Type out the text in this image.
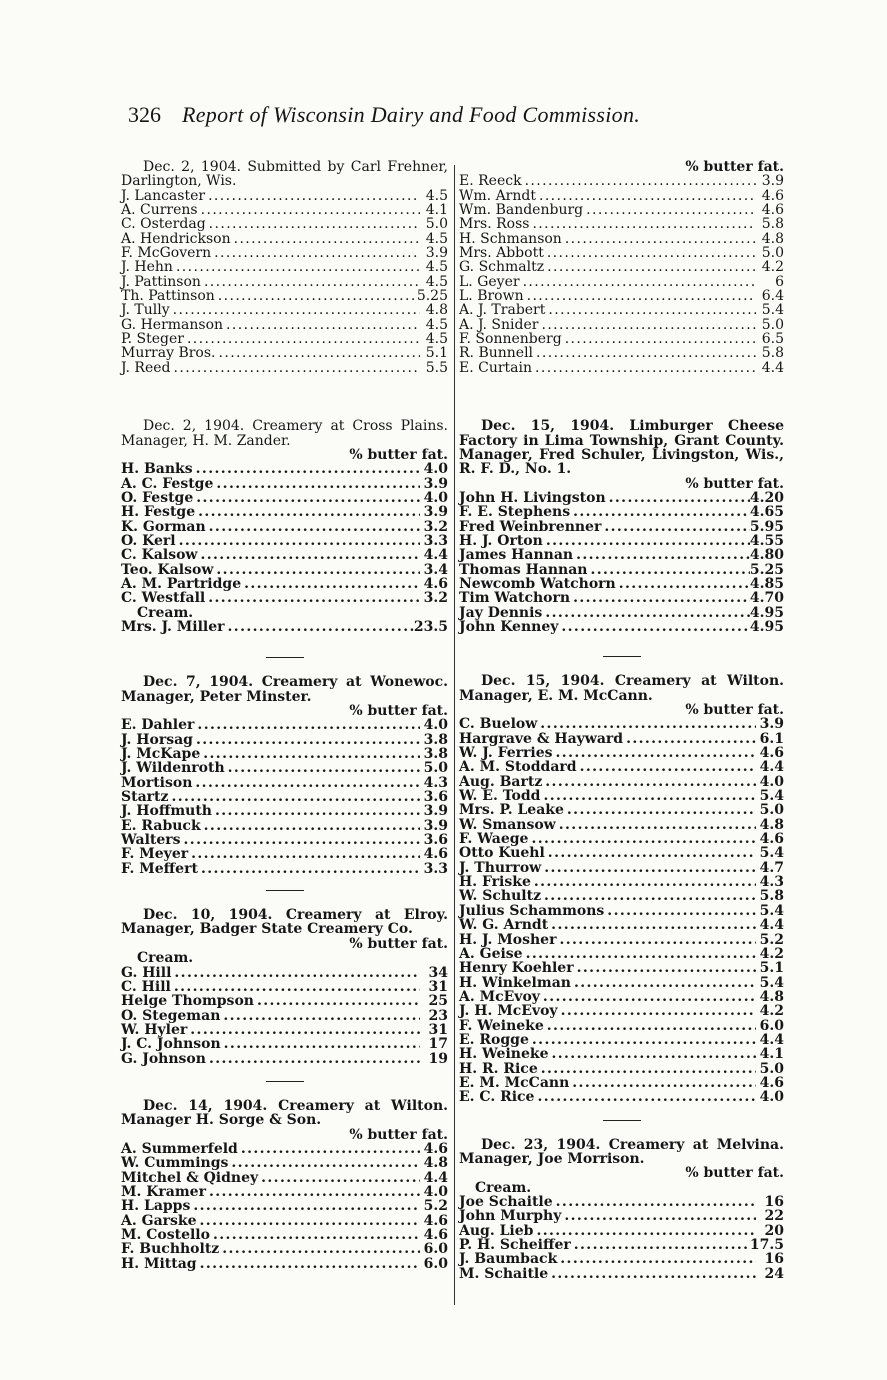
326 Report of Wisconsin Dairy and Food Commission.
Dec. 2, 1904. Submitted by Carl Frehner, Darlington, Wis.
J. Lancaster .....	4.5
A. Currens .....	4.1
C. Osterdag .....	5.0
A. Hendrickson .....	4.5
F. McGovern .....	3.9
J. Hehn .....	4.5
J. Pattinson .....	4.5
Th. Pattinson .....	5.25
J. Tully .....	4.8
G. Hermanson .....	4.5
P. Steger .....	4.5
Murray Bros. .....	5.1
J. Reed .....	5.5
Dec. 2, 1904. Creamery at Cross Plains. Manager, H. M. Zander.
% butter fat.
H. Banks .....	4.0
A. C. Festge .....	3.9
O. Festge .....	4.0
H. Festge .....	3.9
K. Gorman .....	3.2
O. Kerl .....	3.3
C. Kalsow .....	4.4
Teo. Kalsow .....	3.4
A. M. Partridge .....	4.6
C. Westfall .....	3.2
Cream.
Mrs. J. Miller .....	23.5
Dec. 7, 1904. Creamery at Wonewoc. Manager, Peter Minster.
% butter fat.
E. Dahler .....	4.0
J. Horsag .....	3.8
J. McKape .....	3.8
J. Wildenroth .....	5.0
Mortison .....	4.3
Startz .....	3.6
J. Hoffmuth .....	3.9
E. Rabuck .....	3.9
Walters .....	3.6
F. Meyer .....	4.6
F. Meffert .....	3.3
Dec. 10, 1904. Creamery at Elroy. Manager, Badger State Creamery Co.
% butter fat.
Cream.
G. Hill .....	34
C. Hill .....	31
Helge Thompson .....	25
O. Stegeman .....	23
W. Hyler .....	31
J. C. Johnson .....	17
G. Johnson .....	19
Dec. 14, 1904. Creamery at Wilton. Manager H. Sorge & Son.
% butter fat.
A. Summerfeld .....	4.6
W. Cummings .....	4.8
Mitchel & Qidney .....	4.4
M. Kramer .....	4.0
H. Lapps .....	5.2
A. Garske .....	4.6
M. Costello .....	4.6
F. Buchholtz .....	6.0
H. Mittag .....	6.0
% butter fat.
E. Reeck .....	3.9
Wm. Arndt .....	4.6
Wm. Bandenburg .....	4.6
Mrs. Ross .....	5.8
H. Schmanson .....	4.8
Mrs. Abbott .....	5.0
G. Schmaltz .....	4.2
L. Geyer .....	6
L. Brown .....	6.4
A. J. Trabert .....	5.4
A. J. Snider .....	5.0
F. Sonnenberg .....	6.5
R. Bunnell .....	5.8
E. Curtain .....	4.4
Dec. 15, 1904. Limburger Cheese Factory in Lima Township, Grant County. Manager, Fred Schuler, Livingston, Wis., R. F. D., No. 1.
% butter fat.
John H. Livingston .....	4.20
F. E. Stephens .....	4.65
Fred Weinbrenner .....	5.95
H. J. Orton .....	4.55
James Hannan .....	4.80
Thomas Hannan .....	5.25
Newcomb Watchorn .....	4.85
Tim Watchorn .....	4.70
Jay Dennis .....	4.95
John Kenney .....	4.95
Dec. 15, 1904. Creamery at Wilton. Manager, E. M. McCann.
% butter fat.
C. Buelow .....	3.9
Hargrave & Hayward .....	6.1
W. J. Ferries .....	4.6
A. M. Stoddard .....	4.4
Aug. Bartz .....	4.0
W. E. Todd .....	5.4
Mrs. P. Leake .....	5.0
W. Smansow .....	4.8
F. Waege .....	4.6
Otto Kuehl .....	5.4
J. Thurrow .....	4.7
H. Friske .....	4.3
W. Schultz .....	5.8
Julius Schammons .....	5.4
W. G. Arndt .....	4.4
H. J. Mosher .....	5.2
A. Geise .....	4.2
Henry Koehler .....	5.1
H. Winkelman .....	5.4
A. McEvoy .....	4.8
J. H. McEvoy .....	4.2
F. Weineke .....	6.0
E. Rogge .....	4.4
H. Weineke .....	4.1
H. R. Rice .....	5.0
E. M. McCann .....	4.6
E. C. Rice .....	4.0
Dec. 23, 1904. Creamery at Melvina. Manager, Joe Morrison.
% butter fat.
Cream.
Joe Schaitle .....	16
John Murphy .....	22
Aug. Lieb .....	20
P. H. Scheiffer .....	17.5
J. Baumback .....	16
M. Schaitle .....	24
